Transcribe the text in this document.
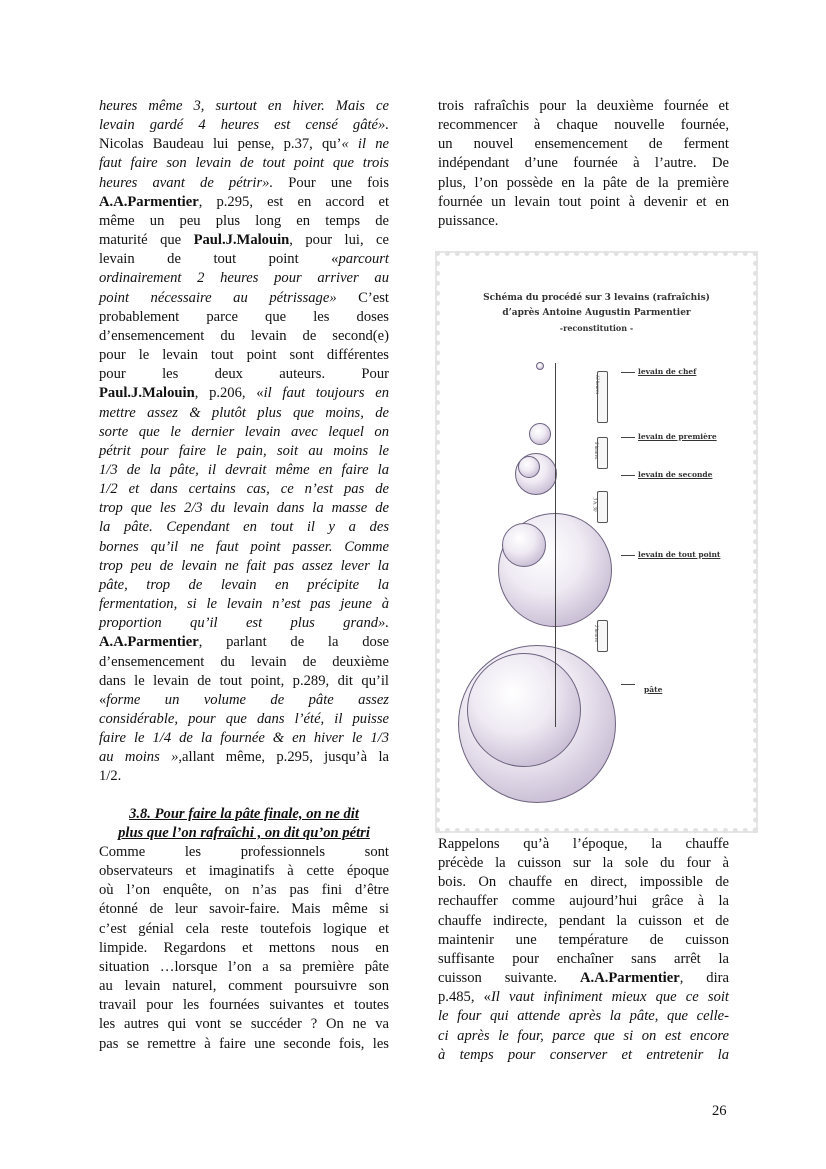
heures même 3, surtout en hiver. Mais ce

levain gardé 4 heures est censé gâté».

Nicolas Baudeau lui pense, p.37, qu’« il ne

faut faire son levain de tout point que trois

heures avant de pétrir». Pour une fois

A.A.Parmentier, p.295, est en accord et

même un peu plus long en temps de

maturité que Paul.J.Malouin, pour lui, ce

levain de tout point «parcourt

ordinairement 2 heures pour arriver au

point nécessaire au pétrissage» C’est

probablement parce que les doses

d’ensemencement du levain de second(e)

pour le levain tout point sont différentes

pour les deux auteurs. Pour

Paul.J.Malouin, p.206, «il faut toujours en

mettre assez & plutôt plus que moins, de

sorte que le dernier levain avec lequel on

pétrit pour faire le pain, soit au moins le

1/3 de la pâte, il devrait même en faire la

1/2 et dans certains cas, ce n’est pas de

trop que les 2/3 du levain dans la masse de

la pâte. Cependant en tout il y a des

bornes qu’il ne faut point passer. Comme

trop peu de levain ne fait pas assez lever la

pâte, trop de levain en précipite la

fermentation, si le levain n’est pas jeune à

proportion qu’il est plus grand».

A.A.Parmentier, parlant de la dose

d’ensemencement du levain de deuxième

dans le levain de tout point, p.289, dit qu’il

«forme un volume de pâte assez

considérable, pour que dans l’été, il puisse

faire le 1/4 de la fournée & en hiver le 1/3

au moins »,allant même, p.295, jusqu’à la

1/2.

3.8. Pour faire la pâte finale, on ne dit

plus que l’on rafraîchi , on dit qu’on pétri

Comme les professionnels sont

observateurs et imaginatifs à cette époque

où l’on enquête, on n’as pas fini d’être

étonné de leur savoir-faire. Mais même si

c’est génial cela reste toutefois logique et

limpide. Regardons et mettons nous en

situation …lorsque l’on a sa première pâte

au levain naturel, comment poursuivre son

travail pour les fournées suivantes et toutes

les autres qui vont se succéder ? On ne va

pas se remettre à faire une seconde fois, les

trois rafraîchis pour la deuxième fournée et

recommencer à chaque nouvelle fournée,

un nouvel ensemencement de ferment

indépendant d’une fournée à l’autre. De

plus, l’on possède en la pâte de la première

fournée un levain tout point à devenir et en

puissance.

Schéma du procédé sur 3 levains (rafraîchis)
d’après Antoine Augustin Parmentier
-reconstitution -
12 heures
5 heures
3 h. 30
2 heures
levain de chef
levain de première
levain de seconde
levain de tout point
pâte

Rappelons qu’à l’époque, la chauffe

précède la cuisson sur la sole du four à

bois. On chauffe en direct, impossible de

rechauffer comme aujourd’hui grâce à la

chauffe indirecte, pendant la cuisson et de

maintenir une température de cuisson

suffisante pour enchaîner sans arrêt la

cuisson suivante. A.A.Parmentier, dira

p.485, «Il vaut infiniment mieux que ce soit

le four qui attende après la pâte, que celle-

ci après le four, parce que si on est encore

à temps pour conserver et entretenir la

26
